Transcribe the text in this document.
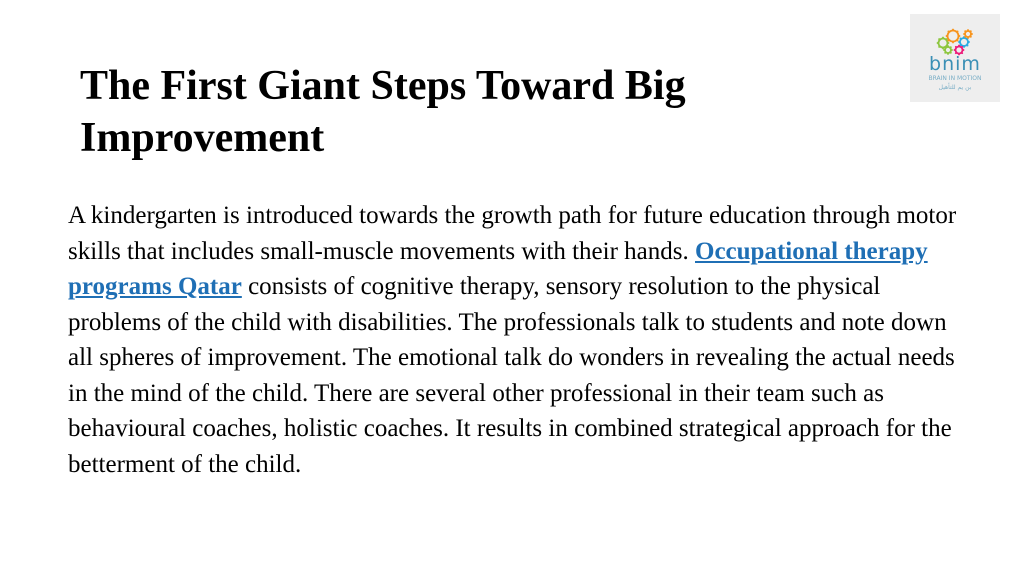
The First Giant Steps Toward Big Improvement
bnim
BRAIN IN MOTION
بن يم للتأهيل

A kindergarten is introduced towards the growth path for future education through motor skills that includes small-muscle movements with their hands. Occupational therapy programs Qatar consists of cognitive therapy, sensory resolution to the physical problems of the child with disabilities. The professionals talk to students and note down all spheres of improvement. The emotional talk do wonders in revealing the actual needs in the mind of the child. There are several other professional in their team such as behavioural coaches, holistic coaches. It results in combined strategical approach for the betterment of the child.
